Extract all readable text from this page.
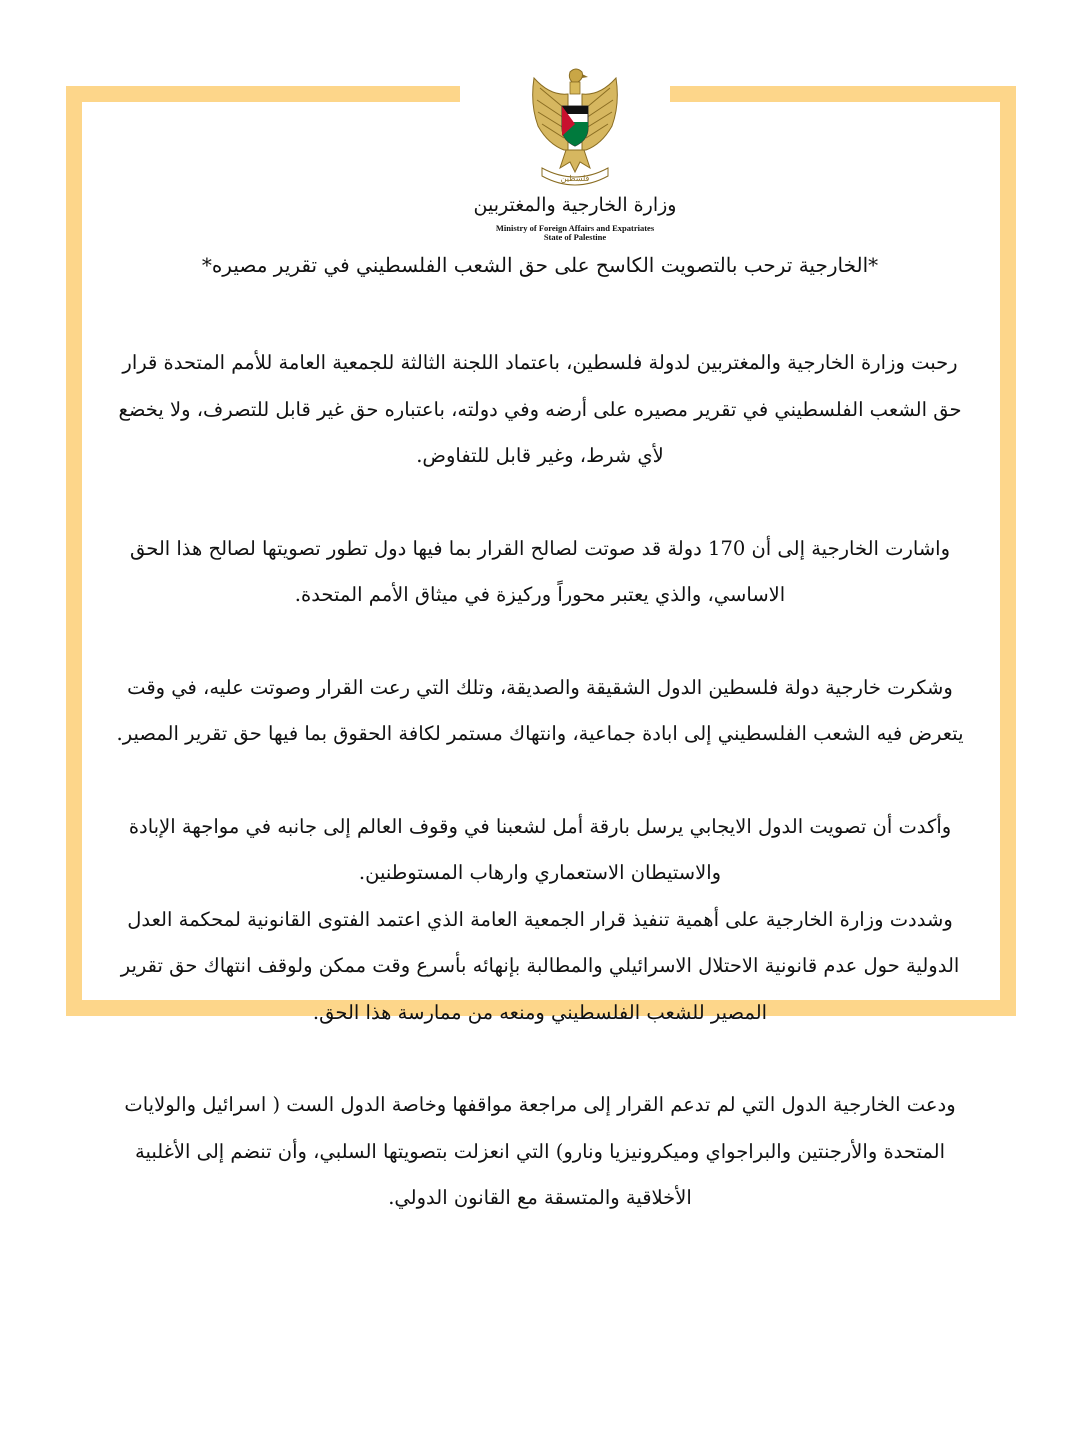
فلسطين
وزارة الخارجية والمغتربين
Ministry of Foreign Affairs and Expatriates
State of Palestine
*الخارجية ترحب بالتصويت الكاسح على حق الشعب الفلسطيني في تقرير مصيره*

رحبت وزارة الخارجية والمغتربين لدولة فلسطين، باعتماد اللجنة الثالثة للجمعية العامة للأمم المتحدة قرار حق الشعب الفلسطيني في تقرير مصيره على أرضه وفي دولته، باعتباره حق غير قابل للتصرف، ولا يخضع لأي شرط، وغير قابل للتفاوض.

واشارت الخارجية إلى أن 170 دولة قد صوتت لصالح القرار بما فيها دول تطور تصويتها لصالح هذا الحق الاساسي، والذي يعتبر محوراً وركيزة في ميثاق الأمم المتحدة.

وشكرت خارجية دولة فلسطين الدول الشقيقة والصديقة، وتلك التي رعت القرار وصوتت عليه، في وقت يتعرض فيه الشعب الفلسطيني إلى ابادة جماعية، وانتهاك مستمر لكافة الحقوق بما فيها حق تقرير المصير.

وأكدت أن تصويت الدول الايجابي يرسل بارقة أمل لشعبنا في وقوف العالم إلى جانبه في مواجهة الإبادة والاستيطان الاستعماري وارهاب المستوطنين.

وشددت وزارة الخارجية على أهمية تنفيذ قرار الجمعية العامة الذي اعتمد الفتوى القانونية لمحكمة العدل الدولية حول عدم قانونية الاحتلال الاسرائيلي والمطالبة بإنهائه بأسرع وقت ممكن ولوقف انتهاك حق تقرير المصير للشعب الفلسطيني ومنعه من ممارسة هذا الحق.

ودعت الخارجية الدول التي لم تدعم القرار إلى مراجعة مواقفها وخاصة الدول الست ( اسرائيل والولايات المتحدة والأرجنتين والبراجواي وميكرونيزيا ونارو) التي انعزلت بتصويتها السلبي، وأن تنضم إلى الأغلبية الأخلاقية والمتسقة مع القانون الدولي.
